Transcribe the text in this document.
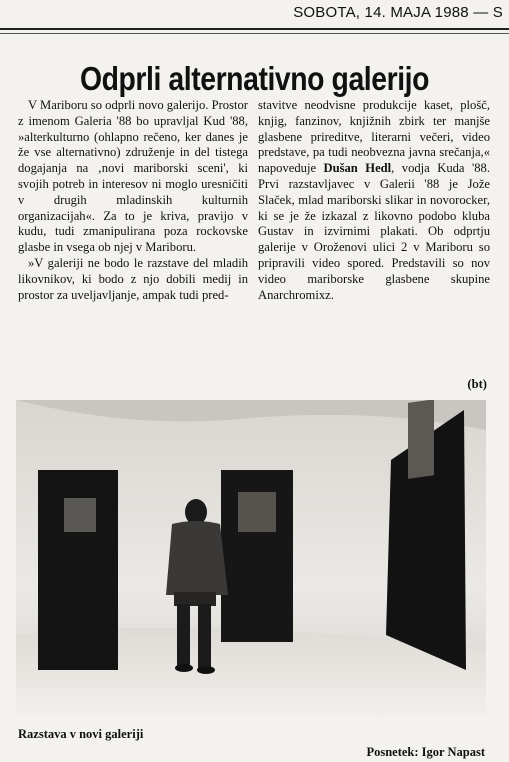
SOBOTA, 14. MAJA 1988 — S
Odprli alternativno galerijo

V Mariboru so odprli novo galerijo. Prostor z imenom Galeria '88 bo upravljal Kud '88, »alterkulturno (ohlapno rečeno, ker danes je že vse alternativno) združenje in del tistega dogajanja na ‚novi mariborski sceni', ki svojih potreb in interesov ni moglo uresničiti v drugih mladinskih kulturnih organizacijah«. Za to je kriva, pravijo v kudu, tudi zmanipulirana poza rockovske glasbe in vsega ob njej v Mariboru.

»V galeriji ne bodo le razstave del mladih likovnikov, ki bodo z njo dobili medij in prostor za uveljavljanje, ampak tudi pred-

stavitve neodvisne produkcije kaset, plošč, knjig, fanzinov, knjižnih zbirk ter manjše glasbene prireditve, literarni večeri, video predstave, pa tudi neobvezna javna srečanja,« napoveduje Dušan Hedl, vodja Kuda '88. Prvi razstavljavec v Galerii '88 je Jože Slaček, mlad mariborski slikar in novorocker, ki se je že izkazal z likovno podobo kluba Gustav in izvirnimi plakati. Ob odprtju galerije v Oroženovi ulici 2 v Mariboru so pripravili video spored. Predstavili so nov video mariborske glasbene skupine Anarchromixz.

(bt)
Razstava v novi galeriji
Posnetek: Igor Napast
